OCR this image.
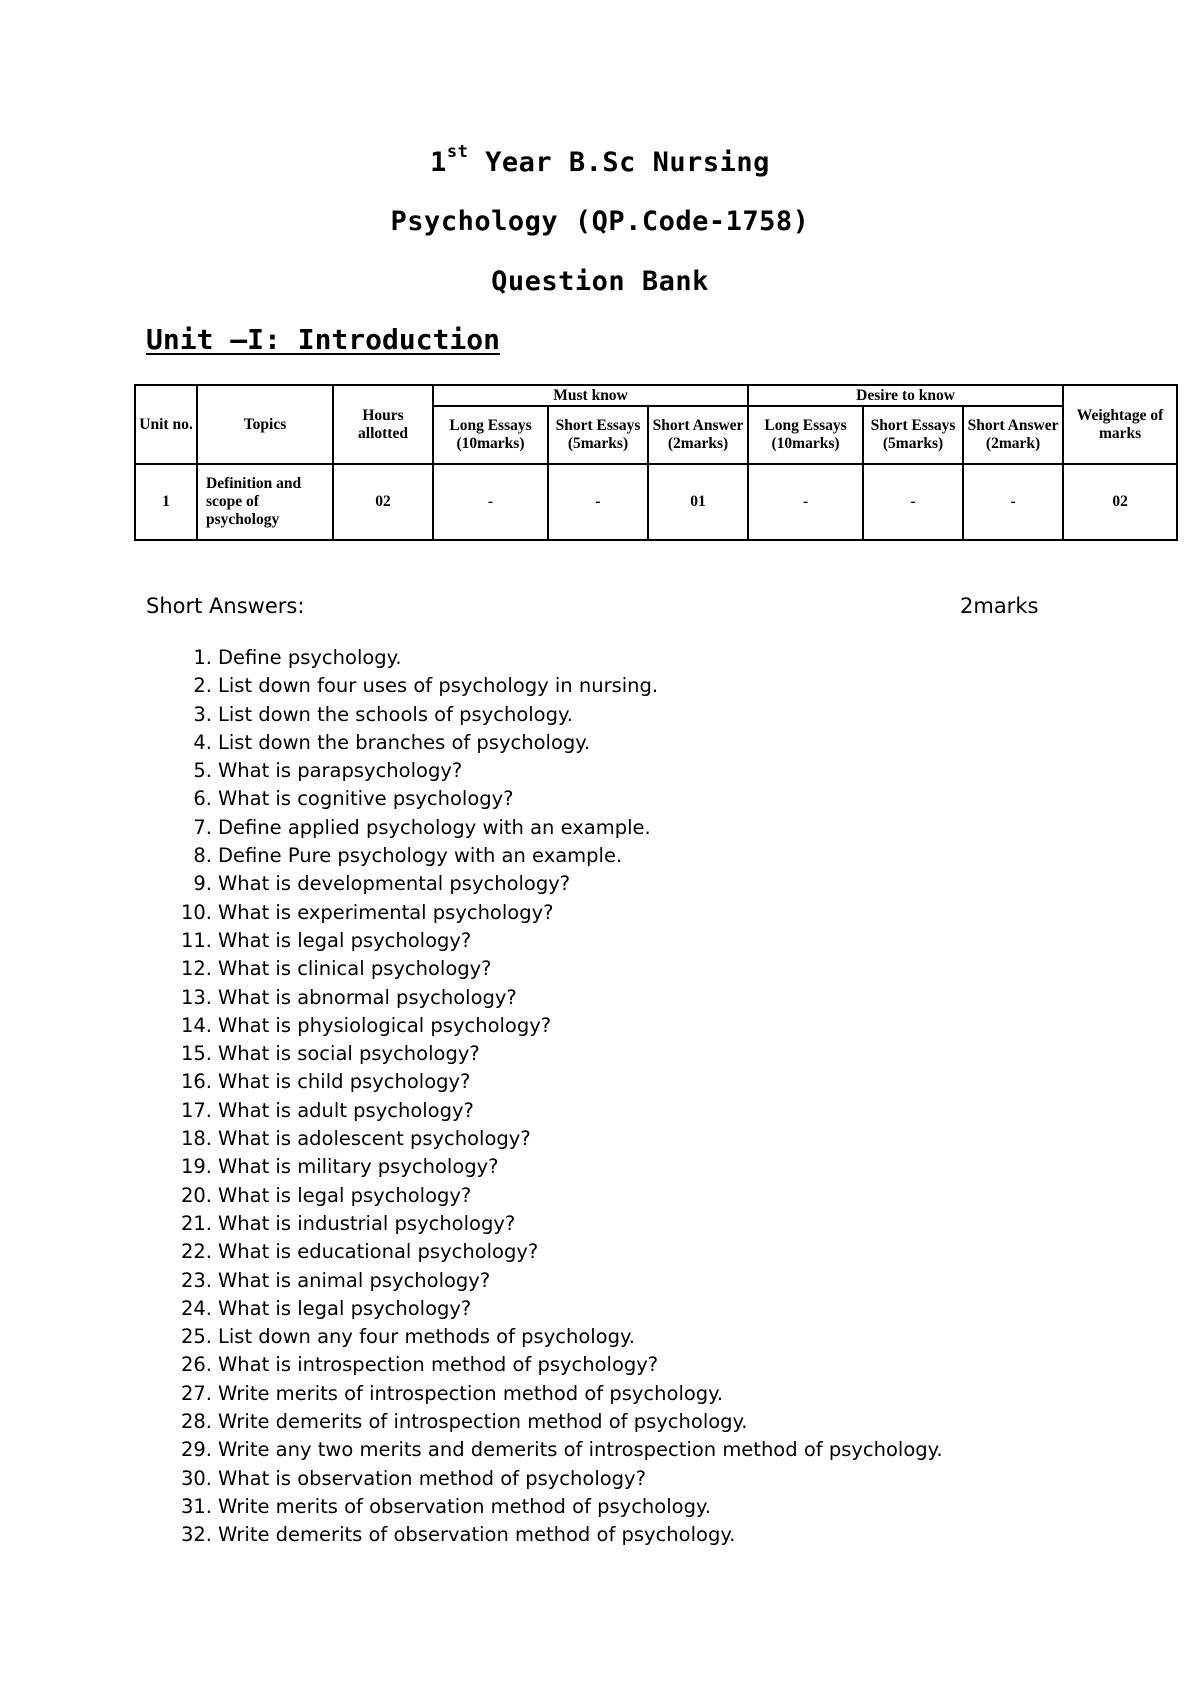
1st Year B.Sc Nursing
Psychology (QP.Code-1758)
Question Bank
Unit –I: Introduction
Unit no.	Topics	Hours allotted	Must know			Desire to know			Weightage of marks
			Long Essays (10marks)	Short Essays (5marks)	Short Answer (2marks)	Long Essays (10marks)	Short Essays (5marks)	Short Answer (2mark)	
1	Definition and scope of psychology	02	-	-	01	-	-	-	02
Short Answers:	2marks
1. Define psychology.
2. List down four uses of psychology in nursing.
3. List down the schools of psychology.
4. List down the branches of psychology.
5. What is parapsychology?
6. What is cognitive psychology?
7. Define applied psychology with an example.
8. Define Pure psychology with an example.
9. What is developmental psychology?
10. What is experimental psychology?
11. What is legal psychology?
12. What is clinical psychology?
13. What is abnormal psychology?
14. What is physiological psychology?
15. What is social psychology?
16. What is child psychology?
17. What is adult psychology?
18. What is adolescent psychology?
19. What is military psychology?
20. What is legal psychology?
21. What is industrial psychology?
22. What is educational psychology?
23. What is animal psychology?
24. What is legal psychology?
25. List down any four methods of psychology.
26. What is introspection method of psychology?
27. Write merits of introspection method of psychology.
28. Write demerits of introspection method of psychology.
29. Write any two merits and demerits of introspection method of psychology.
30. What is observation method of psychology?
31. Write merits of observation method of psychology.
32. Write demerits of observation method of psychology.
